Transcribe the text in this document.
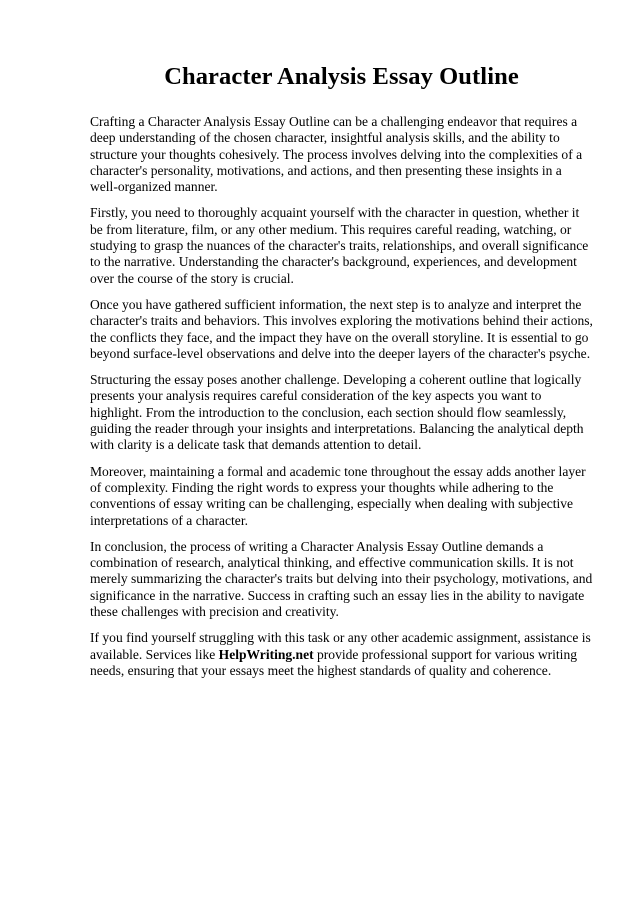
Character Analysis Essay Outline

Crafting a Character Analysis Essay Outline can be a challenging endeavor that requires a deep understanding of the chosen character, insightful analysis skills, and the ability to structure your thoughts cohesively. The process involves delving into the complexities of a character's personality, motivations, and actions, and then presenting these insights in a well-organized manner.

Firstly, you need to thoroughly acquaint yourself with the character in question, whether it be from literature, film, or any other medium. This requires careful reading, watching, or studying to grasp the nuances of the character's traits, relationships, and overall significance to the narrative. Understanding the character's background, experiences, and development over the course of the story is crucial.

Once you have gathered sufficient information, the next step is to analyze and interpret the character's traits and behaviors. This involves exploring the motivations behind their actions, the conflicts they face, and the impact they have on the overall storyline. It is essential to go beyond surface-level observations and delve into the deeper layers of the character's psyche.

Structuring the essay poses another challenge. Developing a coherent outline that logically presents your analysis requires careful consideration of the key aspects you want to highlight. From the introduction to the conclusion, each section should flow seamlessly, guiding the reader through your insights and interpretations. Balancing the analytical depth with clarity is a delicate task that demands attention to detail.

Moreover, maintaining a formal and academic tone throughout the essay adds another layer of complexity. Finding the right words to express your thoughts while adhering to the conventions of essay writing can be challenging, especially when dealing with subjective interpretations of a character.

In conclusion, the process of writing a Character Analysis Essay Outline demands a combination of research, analytical thinking, and effective communication skills. It is not merely summarizing the character's traits but delving into their psychology, motivations, and significance in the narrative. Success in crafting such an essay lies in the ability to navigate these challenges with precision and creativity.

If you find yourself struggling with this task or any other academic assignment, assistance is available. Services like HelpWriting.net provide professional support for various writing needs, ensuring that your essays meet the highest standards of quality and coherence.
